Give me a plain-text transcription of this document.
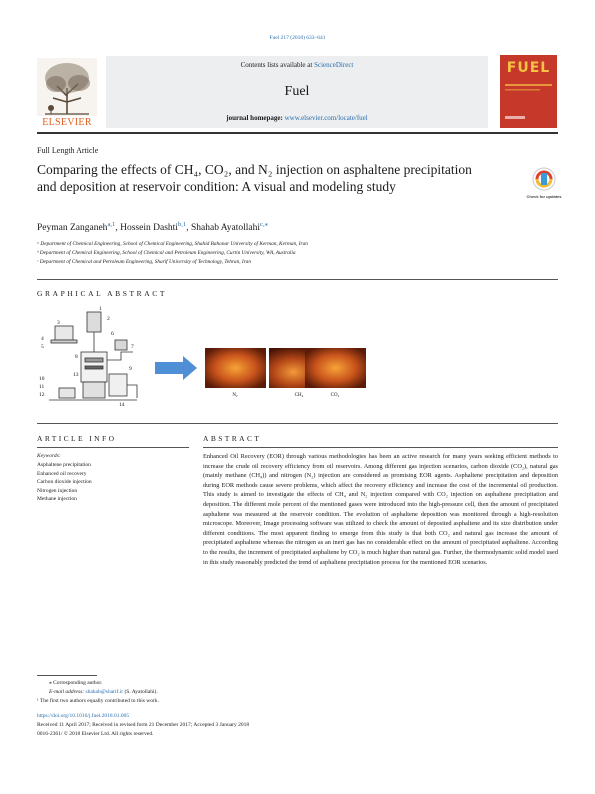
Fuel 217 (2018) 633–641
Contents lists available at ScienceDirect
Fuel
journal homepage: www.elsevier.com/locate/fuel
ELSEVIER
FUEL
Full Length Article
Comparing the effects of CH₄, CO₂, and N₂ injection on asphaltene precipitation and deposition at reservoir condition: A visual and modeling study
Check for updates
Peyman Zanganeh$^{a,1}$, Hossein Dashti$^{b,1}$, Shahab Ayatollahi$^{c,⁎}$
ᵃ Department of Chemical Engineering, School of Chemical Engineering, Shahid Bahonar University of Kerman, Kerman, Iran
ᵇ Department of Chemical Engineering, School of Chemical and Petroleum Engineering, Curtin University, WA, Australia
ᶜ Department of Chemical and Petroleum Engineering, Sharif University of Technology, Tehran, Iran
GRAPHICAL ABSTRACT
1
2
3
4
5
6
7
8
9
10
11
12
13
14
N₂	CH₄	CO₂
ARTICLE INFO
Keywords:
Asphaltene precipitation
Enhanced oil recovery
Carbon dioxide injection
Nitrogen injection
Methane injection
ABSTRACT
Enhanced Oil Recovery (EOR) through various methodologies has been an active research for many years seeking efficient methods to increase the crude oil recovery efficiency from oil reservoirs. Among different gas injection scenarios, carbon dioxide (CO₂), natural gas (mainly methane (CH₄)) and nitrogen (N₂) injection are considered as promising EOR agents. Asphaltene precipitation and deposition during EOR methods cause severe problems, which affect the recovery efficiency and increase the cost of the incremental oil production. This study is aimed to investigate the effects of CH₄ and N₂ injection compared with CO₂ injection on asphaltene precipitation and deposition. The different mole percent of the mentioned gases were introduced into the high-pressure cell, then the amount of precipitated asphaltene was measured at the reservoir condition. The evolution of asphaltene deposition was monitored through a high-resolution microscope. Moreover, Image processing software was utilized to check the amount of deposited asphaltene and its size distribution under different conditions. The most apparent finding to emerge from this study is that both CO₂ and natural gas increase the amount of precipitated asphaltene whereas the nitrogen as an inert gas has no considerable effect on the amount of precipitated asphaltene. According to the results, the increment of precipitated asphaltene by CO₂ is much higher than natural gas. Further, the thermodynamic solid model used in this study reasonably predicted the trend of asphaltene precipitation process for the mentioned EOR scenarios.
⁎ Corresponding author.
E-mail address: shahab@sharif.ir (S. Ayatollahi).
¹ The first two authors equally contributed to this work.
https://doi.org/10.1016/j.fuel.2018.01.005
Received 11 April 2017; Received in revised form 21 December 2017; Accepted 3 January 2018
0016-2361/ © 2018 Elsevier Ltd. All rights reserved.
